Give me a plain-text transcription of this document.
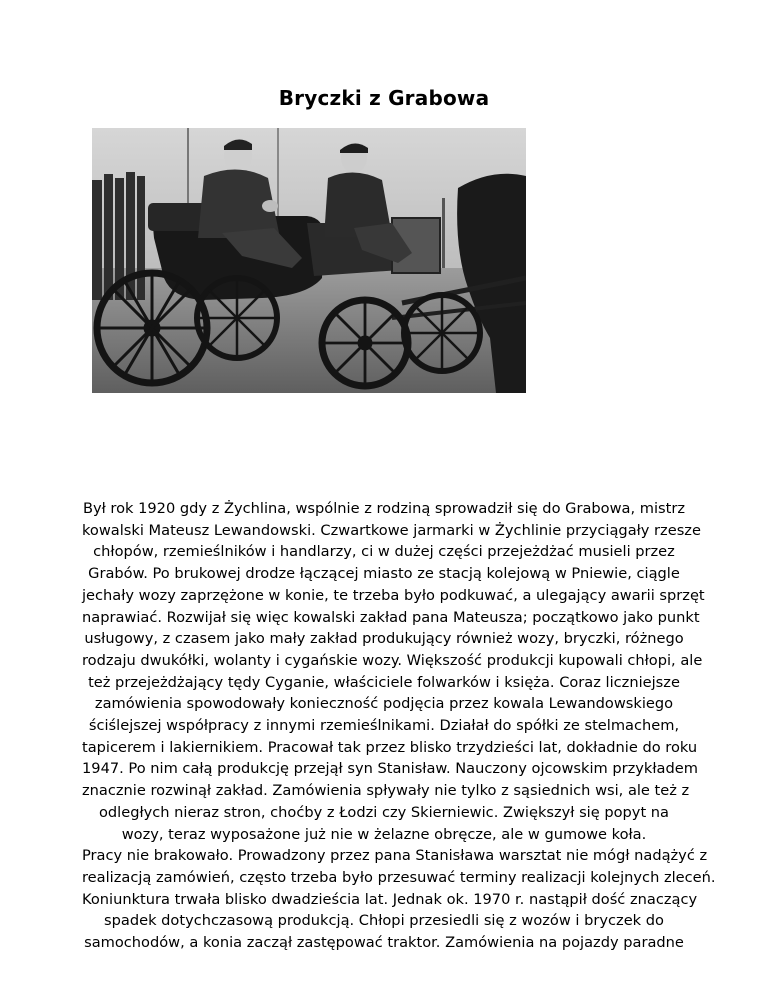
Bryczki z Grabowa
Był rok 1920 gdy z Żychlina, wspólnie z rodziną sprowadził się do Grabowa, mistrz
kowalski Mateusz Lewandowski. Czwartkowe jarmarki w Żychlinie przyciągały rzesze
chłopów, rzemieślników i handlarzy, ci w dużej części przejeżdżać musieli przez
Grabów. Po brukowej drodze łączącej miasto ze stacją kolejową w Pniewie, ciągle
jechały wozy zaprzężone w konie, te trzeba było podkuwać, a ulegający awarii sprzęt
naprawiać. Rozwijał się więc kowalski zakład pana Mateusza; początkowo jako punkt
usługowy, z czasem jako mały zakład produkujący również wozy, bryczki, różnego
rodzaju dwukółki, wolanty i cygańskie wozy. Większość produkcji kupowali chłopi, ale
też przejeżdżający tędy Cyganie, właściciele folwarków i księża. Coraz liczniejsze
zamówienia spowodowały konieczność podjęcia przez kowala Lewandowskiego
ściślejszej współpracy z innymi rzemieślnikami. Działał do spółki ze stelmachem,
tapicerem i lakiernikiem. Pracował tak przez blisko trzydzieści lat, dokładnie do roku
1947. Po nim całą produkcję przejął syn Stanisław. Nauczony ojcowskim przykładem
znacznie rozwinął zakład. Zamówienia spływały nie tylko z sąsiednich wsi, ale też z
odległych nieraz stron, choćby z Łodzi czy Skierniewic. Zwiększył się popyt na
wozy, teraz wyposażone już nie w żelazne obręcze, ale w gumowe koła.
Pracy nie brakowało. Prowadzony przez pana Stanisława warsztat nie mógł nadążyć z
realizacją zamówień, często trzeba było przesuwać terminy realizacji kolejnych zleceń.
Koniunktura trwała blisko dwadzieścia lat. Jednak ok. 1970 r. nastąpił dość znaczący
spadek dotychczasową produkcją. Chłopi przesiedli się z wozów i bryczek do
samochodów, a konia zaczął zastępować traktor. Zamówienia na pojazdy paradne
